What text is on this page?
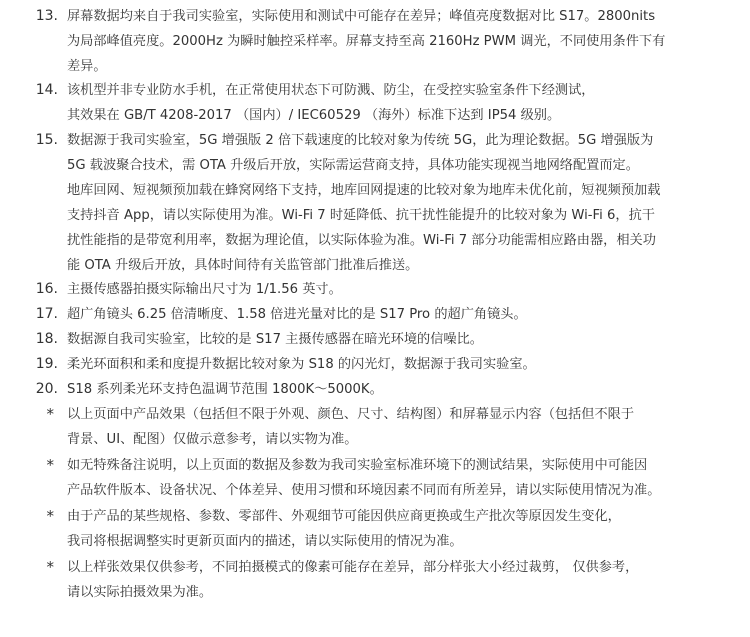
13. 屏幕数据均来自于我司实验室，实际使用和测试中可能存在差异；峰值亮度数据对比 S17。2800nits
为局部峰值亮度。2000Hz 为瞬时触控采样率。屏幕支持至高 2160Hz PWM 调光，不同使用条件下有
差异。
14. 该机型并非专业防水手机，在正常使用状态下可防溅、防尘，在受控实验室条件下经测试，
其效果在 GB/T 4208-2017 （国内）/ IEC60529 （海外）标准下达到 IP54 级别。
15. 数据源于我司实验室，5G 增强版 2 倍下载速度的比较对象为传统 5G，此为理论数据。5G 增强版为
5G 载波聚合技术，需 OTA 升级后开放，实际需运营商支持，具体功能实现视当地网络配置而定。
地库回网、短视频预加载在蜂窝网络下支持，地库回网提速的比较对象为地库未优化前，短视频预加载
支持抖音 App，请以实际使用为准。Wi-Fi 7 时延降低、抗干扰性能提升的比较对象为 Wi-Fi 6，抗干
扰性能指的是带宽利用率，数据为理论值，以实际体验为准。Wi-Fi 7 部分功能需相应路由器，相关功
能 OTA 升级后开放，具体时间待有关监管部门批准后推送。
16. 主摄传感器拍摄实际输出尺寸为 1/1.56 英寸。
17. 超广角镜头 6.25 倍清晰度、1.58 倍进光量对比的是 S17 Pro 的超广角镜头。
18. 数据源自我司实验室，比较的是 S17 主摄传感器在暗光环境的信噪比。
19. 柔光环面积和柔和度提升数据比较对象为 S18 的闪光灯，数据源于我司实验室。
20. S18 系列柔光环支持色温调节范围 1800K～5000K。
* 以上页面中产品效果（包括但不限于外观、颜色、尺寸、结构图）和屏幕显示内容（包括但不限于
背景、UI、配图）仅做示意参考，请以实物为准。
* 如无特殊备注说明，以上页面的数据及参数为我司实验室标准环境下的测试结果，实际使用中可能因
产品软件版本、设备状况、个体差异、使用习惯和环境因素不同而有所差异，请以实际使用情况为准。
* 由于产品的某些规格、参数、零部件、外观细节可能因供应商更换或生产批次等原因发生变化，
我司将根据调整实时更新页面内的描述，请以实际使用的情况为准。
* 以上样张效果仅供参考，不同拍摄模式的像素可能存在差异，部分样张大小经过裁剪， 仅供参考，
请以实际拍摄效果为准。
